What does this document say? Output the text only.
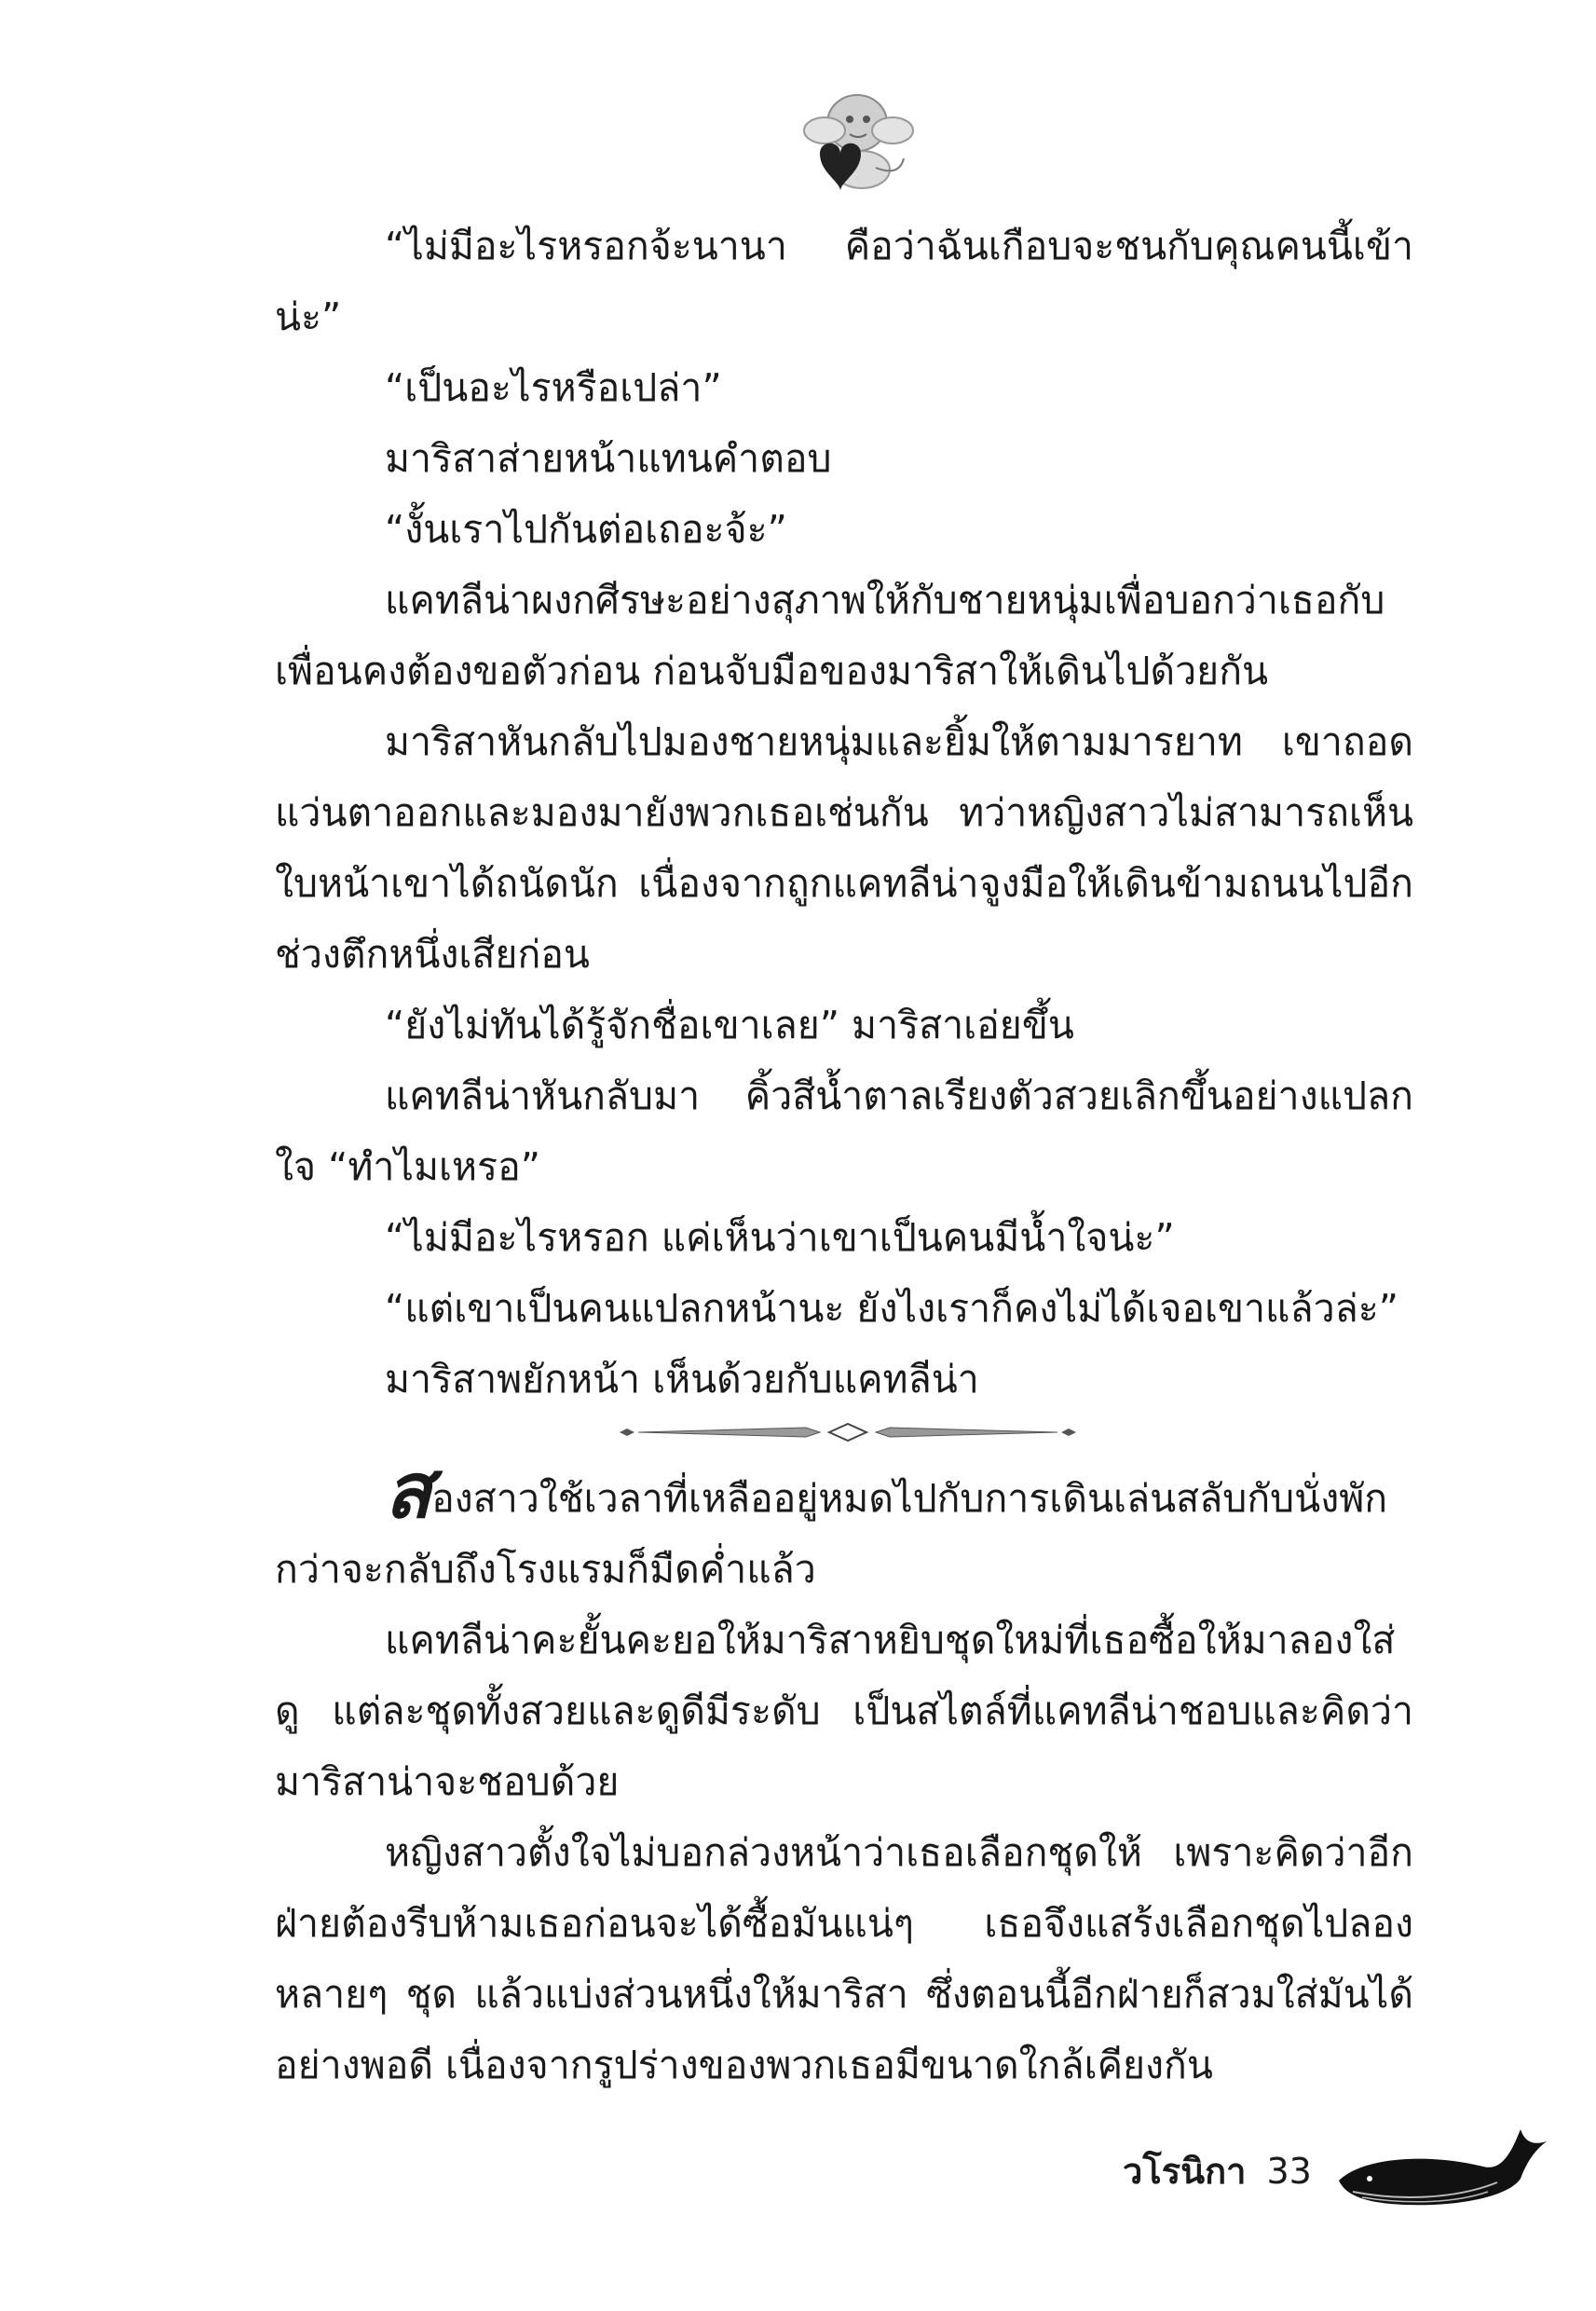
“ไม่มีอะไรหรอกจ้ะนานา คือว่าฉันเกือบจะชนกับคุณคนนี้เข้าน่ะ”

“เป็นอะไรหรือเปล่า”

มาริสาส่ายหน้าแทนคำตอบ

“งั้นเราไปกันต่อเถอะจ้ะ”

แคทลีน่าผงกศีรษะอย่างสุภาพให้กับชายหนุ่มเพื่อบอกว่าเธอกับเพื่อนคงต้องขอตัวก่อน ก่อนจับมือของมาริสาให้เดินไปด้วยกัน

มาริสาหันกลับไปมองชายหนุ่มและยิ้มให้ตามมารยาท เขาถอดแว่นตาออกและมองมายังพวกเธอเช่นกัน ทว่าหญิงสาวไม่สามารถเห็นใบหน้าเขาได้ถนัดนัก เนื่องจากถูกแคทลีน่าจูงมือให้เดินข้ามถนนไปอีกช่วงตึกหนึ่งเสียก่อน

“ยังไม่ทันได้รู้จักชื่อเขาเลย” มาริสาเอ่ยขึ้น

แคทลีน่าหันกลับมา คิ้วสีน้ำตาลเรียงตัวสวยเลิกขึ้นอย่างแปลกใจ “ทำไมเหรอ”

“ไม่มีอะไรหรอก แค่เห็นว่าเขาเป็นคนมีน้ำใจน่ะ”

“แต่เขาเป็นคนแปลกหน้านะ ยังไงเราก็คงไม่ได้เจอเขาแล้วล่ะ”

มาริสาพยักหน้า เห็นด้วยกับแคทลีน่า

สองสาวใช้เวลาที่เหลืออยู่หมดไปกับการเดินเล่นสลับกับนั่งพักกว่าจะกลับถึงโรงแรมก็มืดค่ำแล้ว

แคทลีน่าคะยั้นคะยอให้มาริสาหยิบชุดใหม่ที่เธอซื้อให้มาลองใส่ดู แต่ละชุดทั้งสวยและดูดีมีระดับ เป็นสไตล์ที่แคทลีน่าชอบและคิดว่ามาริสาน่าจะชอบด้วย

หญิงสาวตั้งใจไม่บอกล่วงหน้าว่าเธอเลือกชุดให้ เพราะคิดว่าอีกฝ่ายต้องรีบห้ามเธอก่อนจะได้ซื้อมันแน่ๆ เธอจึงแสร้งเลือกชุดไปลองหลายๆ ชุด แล้วแบ่งส่วนหนึ่งให้มาริสา ซึ่งตอนนี้อีกฝ่ายก็สวมใส่มันได้อย่างพอดี เนื่องจากรูปร่างของพวกเธอมีขนาดใกล้เคียงกัน

วโรนิกา 33
